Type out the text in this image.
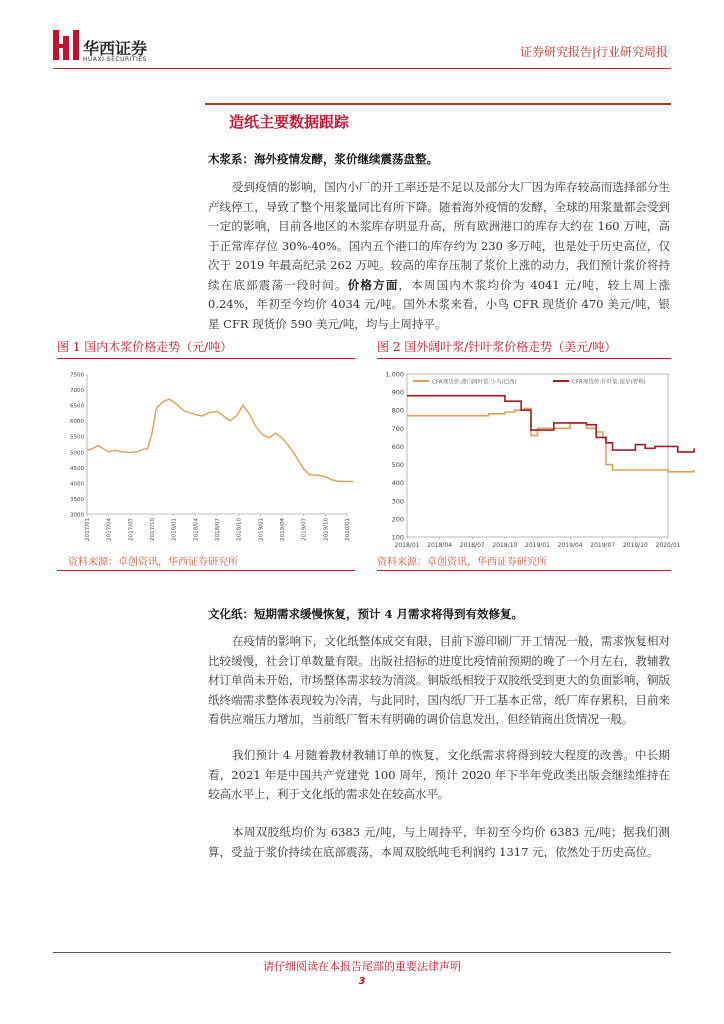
华西证券
HUAXI SECURITIES
证券研究报告|行业研究周报
造纸主要数据跟踪
木浆系：海外疫情发酵，浆价继续震荡盘整。
受到疫情的影响，国内小厂的开工率还是不足以及部分大厂因为库存较高而选择部分生产线停工，导致了整个用浆量同比有所下降。随着海外疫情的发酵，全球的用浆量都会受到一定的影响，目前各地区的木浆库存明显升高，所有欧洲港口的库存大约在 160 万吨，高于正常库存位 30%-40%。国内五个港口的库存约为 230 多万吨，也是处于历史高位，仅次于 2019 年最高纪录 262 万吨。较高的库存压制了浆价上涨的动力，我们预计浆价将持续在底部震荡一段时间。价格方面，本周国内木浆均价为 4041 元/吨，较上周上涨 0.24%，年初至今均价 4034 元/吨。国外木浆来看，小鸟 CFR 现货价 470 美元/吨，银星 CFR 现货价 590 美元/吨，均与上周持平。
图 1 国内木浆价格走势（元/吨）
7500
7000
6500
6000
5500
5000
4500
4000
3500
3000
2017/01	2017/04	2017/07	2017/10	2018/01	2018/04	2018/07	2018/10	2019/01	2019/04	2019/07	2019/10	2020/01
资料来源：卓创资讯，华西证券研究所
图 2 国外阔叶浆/针叶浆价格走势（美元/吨）
1,000
900
800
700
600
500
400
300
200
100
2018/01 2018/04 2018/07 2018/10 2019/01 2019/04 2019/07 2019/10 2020/01
CFR现货价:漂白阔叶浆:小鸟(巴西)	CFR现货价:针叶浆:银星(智利)
资料来源：卓创资讯，华西证券研究所
文化纸：短期需求缓慢恢复，预计 4 月需求将得到有效修复。
在疫情的影响下，文化纸整体成交有限，目前下游印刷厂开工情况一般，需求恢复相对比较缓慢，社会订单数量有限。出版社招标的进度比疫情前预期的晚了一个月左右，教辅教材订单尚未开始，市场整体需求较为清淡。铜版纸相较于双胶纸受到更大的负面影响，铜版纸终端需求整体表现较为冷清，与此同时，国内纸厂开工基本正常，纸厂库存累积，目前来看供应端压力增加，当前纸厂暂未有明确的调价信息发出，但经销商出货情况一般。
我们预计 4 月随着教材教辅订单的恢复，文化纸需求将得到较大程度的改善。中长期看，2021 年是中国共产党建党 100 周年，预计 2020 年下半年党政类出版会继续维持在较高水平上，利于文化纸的需求处在较高水平。
本周双胶纸均价为 6383 元/吨，与上周持平，年初至今均价 6383 元/吨；据我们测算，受益于浆价持续在底部震荡，本周双胶纸吨毛利润约 1317 元，依然处于历史高位。
请仔细阅读在本报告尾部的重要法律声明
3
